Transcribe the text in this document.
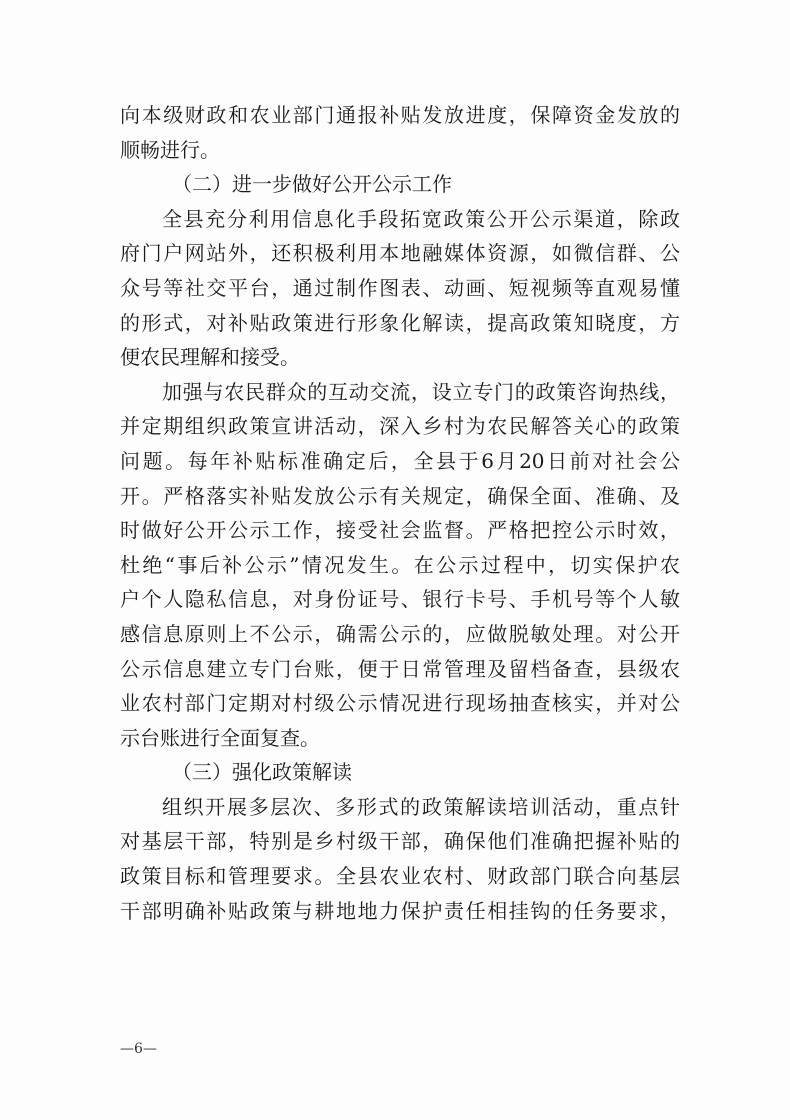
向本级财政和农业部门通报补贴发放进度，保障资金发放的
顺畅进行。
（二）进一步做好公开公示工作
全县充分利用信息化手段拓宽政策公开公示渠道，除政
府门户网站外，还积极利用本地融媒体资源，如微信群、公
众号等社交平台，通过制作图表、动画、短视频等直观易懂
的形式，对补贴政策进行形象化解读，提高政策知晓度，方
便农民理解和接受。
加强与农民群众的互动交流，设立专门的政策咨询热线，
并定期组织政策宣讲活动，深入乡村为农民解答关心的政策
问题。每年补贴标准确定后，全县于6月20日前对社会公
开。严格落实补贴发放公示有关规定，确保全面、准确、及
时做好公开公示工作，接受社会监督。严格把控公示时效，
杜绝“事后补公示”情况发生。在公示过程中，切实保护农
户个人隐私信息，对身份证号、银行卡号、手机号等个人敏
感信息原则上不公示，确需公示的，应做脱敏处理。对公开
公示信息建立专门台账，便于日常管理及留档备查，县级农
业农村部门定期对村级公示情况进行现场抽查核实，并对公
示台账进行全面复查。
（三）强化政策解读
组织开展多层次、多形式的政策解读培训活动，重点针
对基层干部，特别是乡村级干部，确保他们准确把握补贴的
政策目标和管理要求。全县农业农村、财政部门联合向基层
干部明确补贴政策与耕地地力保护责任相挂钩的任务要求，
—6—
